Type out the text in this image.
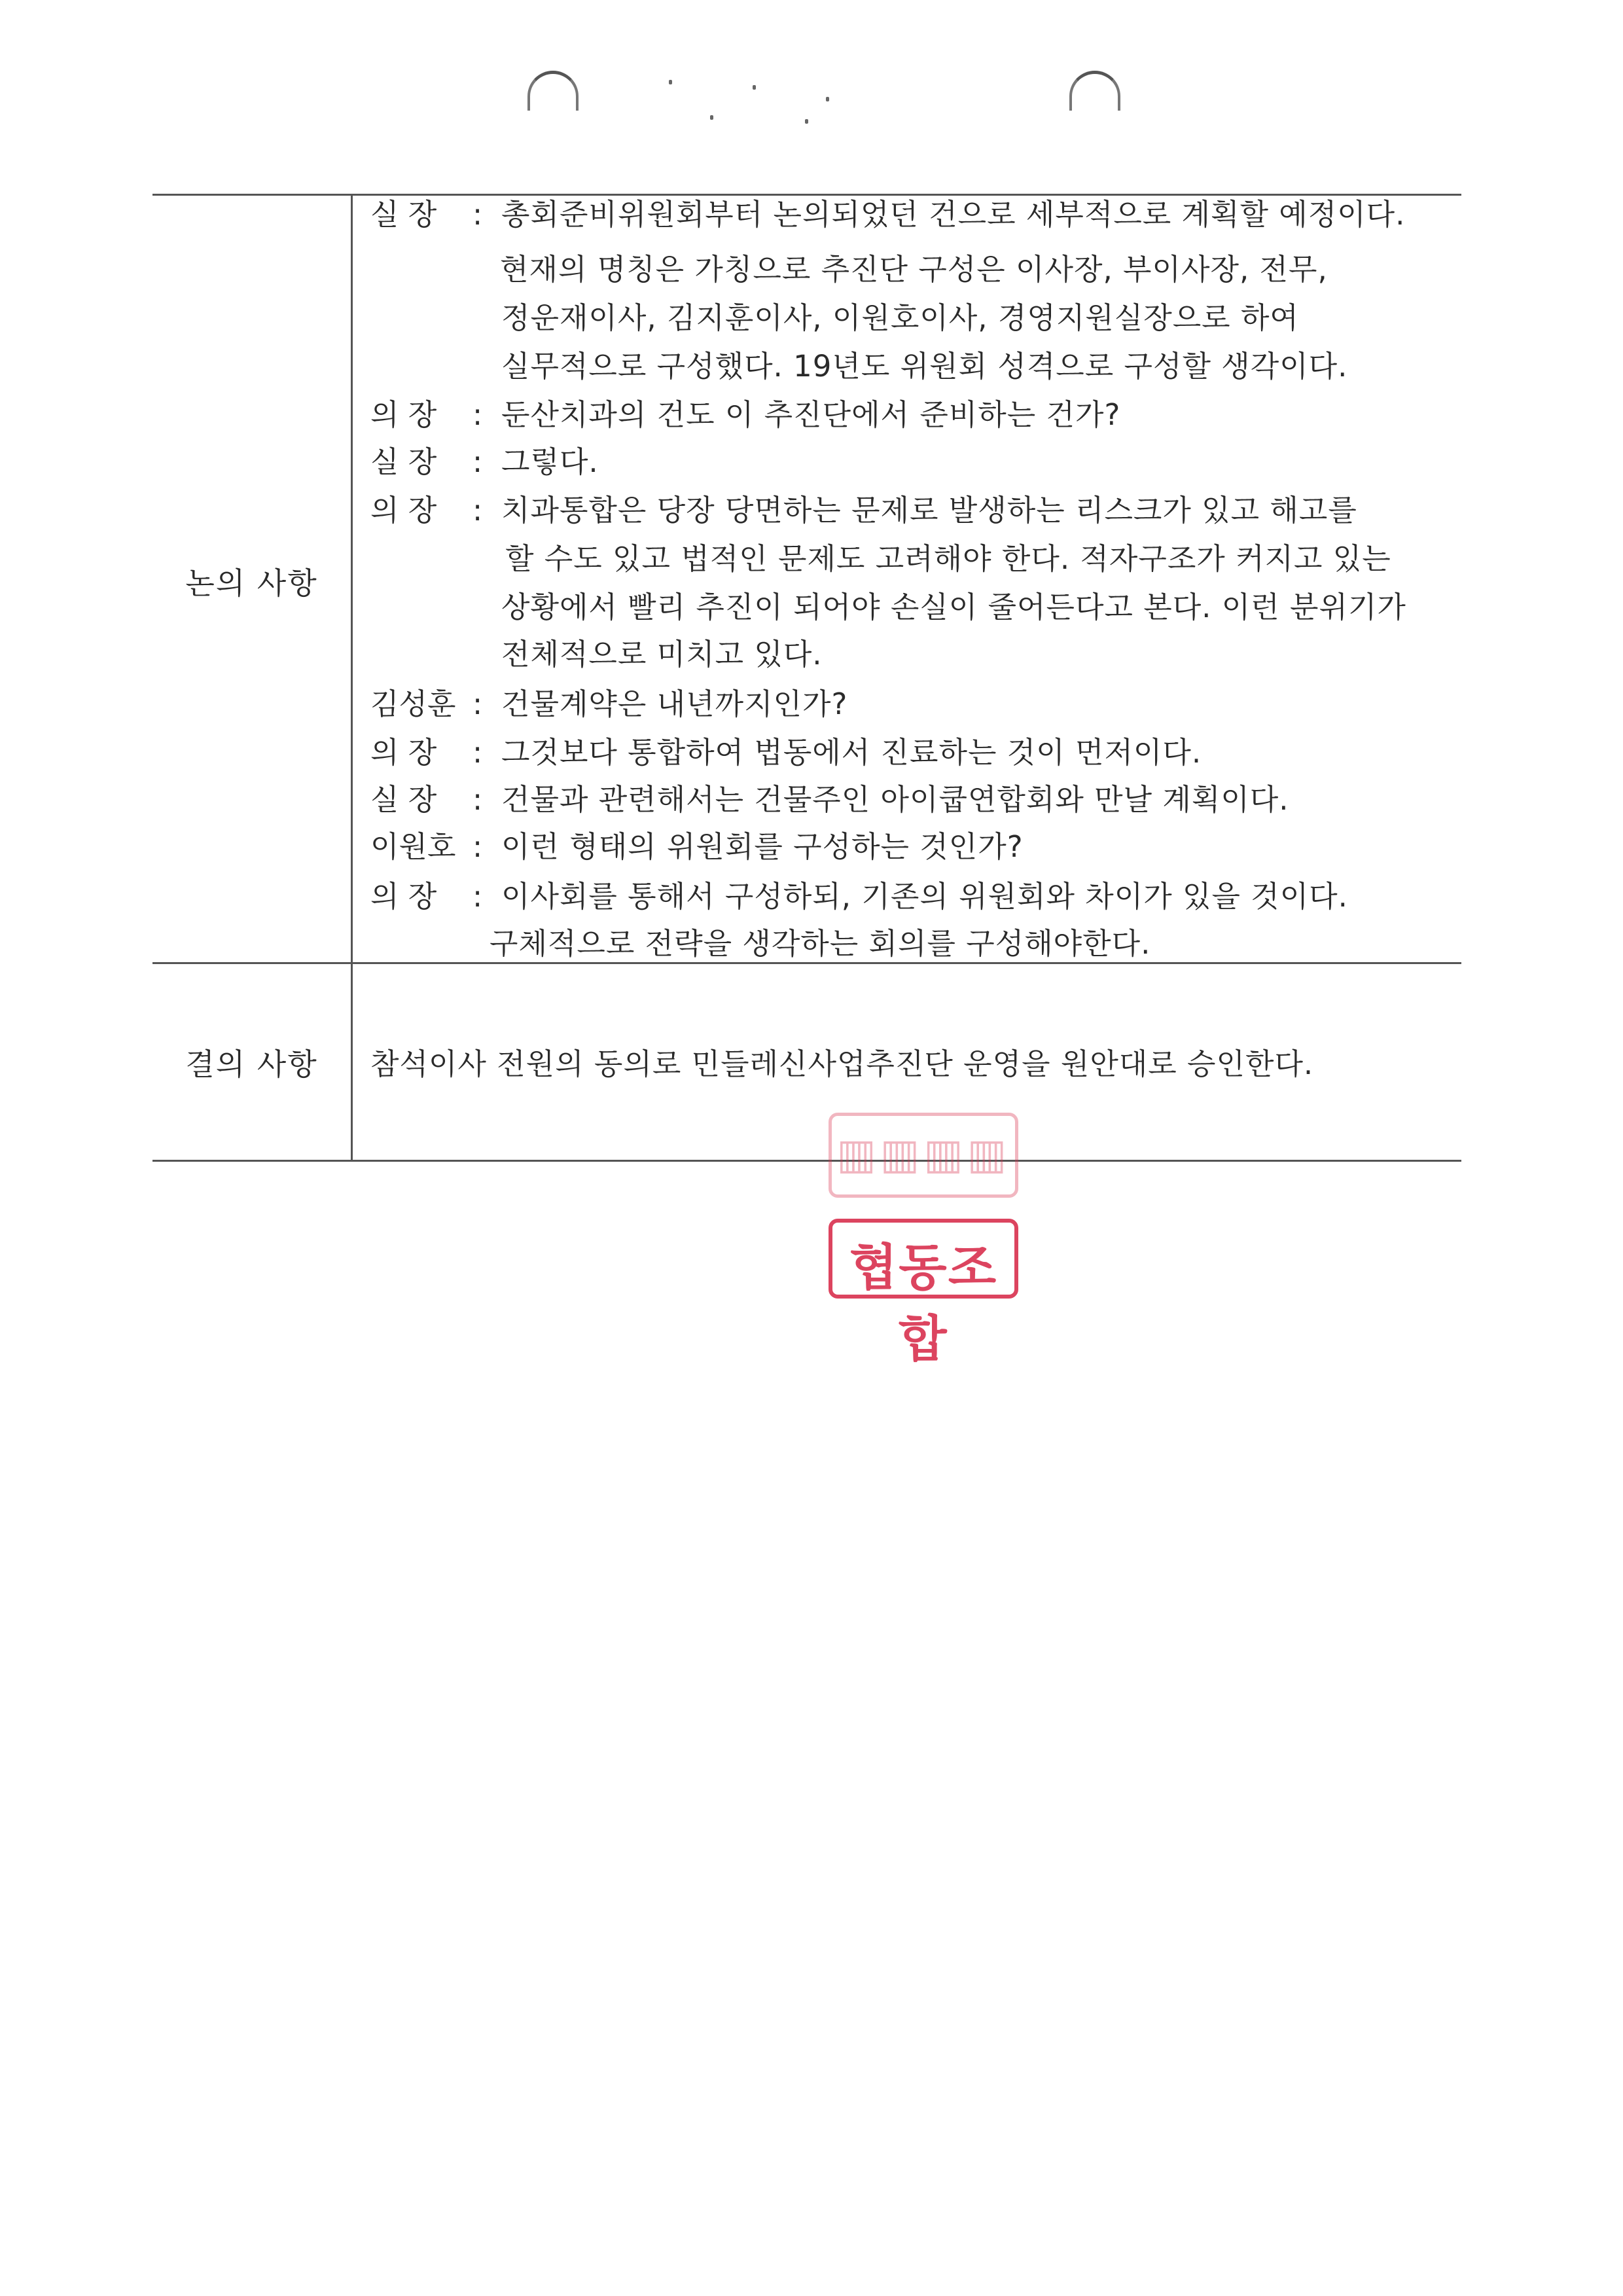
논의 사항
실 장 : 총회준비위원회부터 논의되었던 건으로 세부적으로 계획할 예정이다.
현재의 명칭은 가칭으로 추진단 구성은 이사장, 부이사장, 전무,
정운재이사, 김지훈이사, 이원호이사, 경영지원실장으로 하여
실무적으로 구성했다. 19년도 위원회 성격으로 구성할 생각이다.
의 장 : 둔산치과의 건도 이 추진단에서 준비하는 건가?
실 장 : 그렇다.
의 장 : 치과통합은 당장 당면하는 문제로 발생하는 리스크가 있고 해고를
할 수도 있고 법적인 문제도 고려해야 한다. 적자구조가 커지고 있는
상황에서 빨리 추진이 되어야 손실이 줄어든다고 본다. 이런 분위기가
전체적으로 미치고 있다.
김성훈 : 건물계약은 내년까지인가?
의 장 : 그것보다 통합하여 법동에서 진료하는 것이 먼저이다.
실 장 : 건물과 관련해서는 건물주인 아이쿱연합회와 만날 계획이다.
이원호 : 이런 형태의 위원회를 구성하는 것인가?
의 장 : 이사회를 통해서 구성하되, 기존의 위원회와 차이가 있을 것이다.
구체적으로 전략을 생각하는 회의를 구성해야한다.
결의 사항	참석이사 전원의 동의로 민들레신사업추진단 운영을 원안대로 승인한다.
▥▥▥▥
협동조합
